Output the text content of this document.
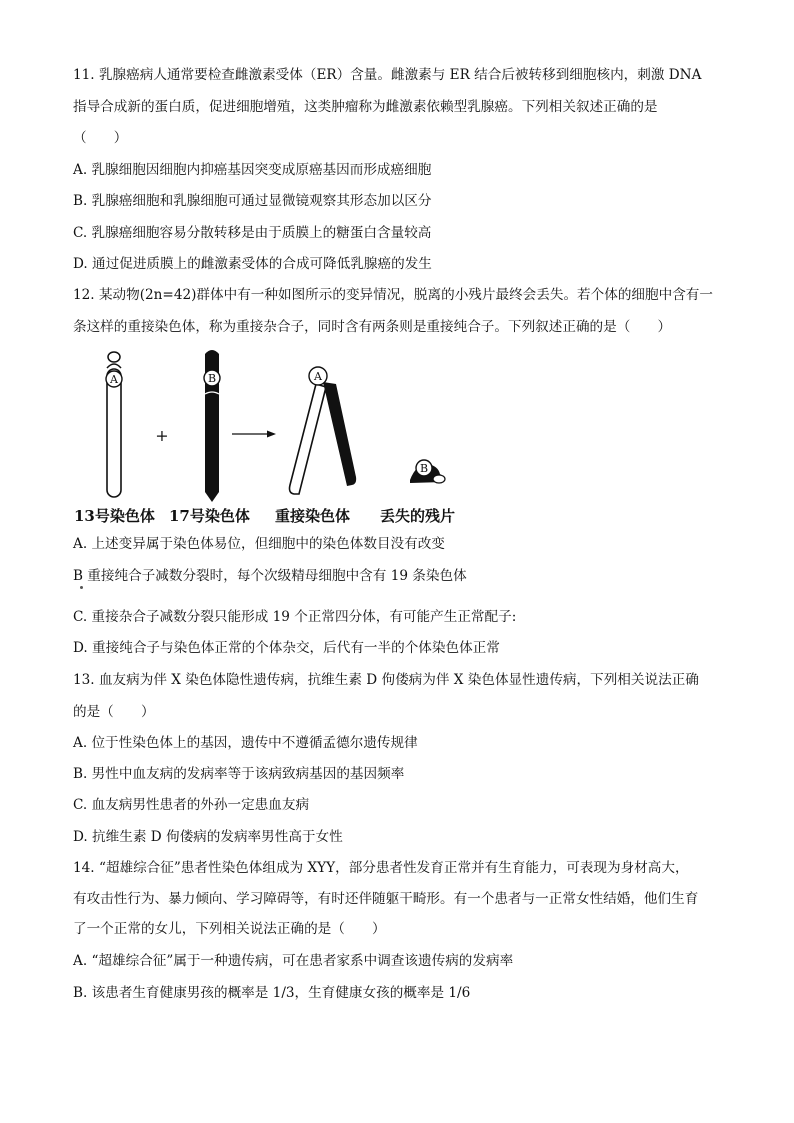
11. 乳腺癌病人通常要检查雌激素受体（ER）含量。雌激素与 ER 结合后被转移到细胞核内，刺激 DNA
指导合成新的蛋白质，促进细胞增殖，这类肿瘤称为雌激素依赖型乳腺癌。下列相关叙述正确的是
（　　）
A. 乳腺细胞因细胞内抑癌基因突变成原癌基因而形成癌细胞
B. 乳腺癌细胞和乳腺细胞可通过显微镜观察其形态加以区分
C. 乳腺癌细胞容易分散转移是由于质膜上的糖蛋白含量较高
D. 通过促进质膜上的雌激素受体的合成可降低乳腺癌的发生
12. 某动物(2n=42)群体中有一种如图所示的变异情况，脱离的小残片最终会丢失。若个体的细胞中含有一
条这样的重接染色体，称为重接杂合子，同时含有两条则是重接纯合子。下列叙述正确的是（　　）
A
+
B	A
B
13号染色体 17号染色体 重接染色体 丢失的残片
A. 上述变异属于染色体易位，但细胞中的染色体数目没有改变
B 重接纯合子减数分裂时，每个次级精母细胞中含有 19 条染色体
C. 重接杂合子减数分裂只能形成 19 个正常四分体，有可能产生正常配子:
D. 重接纯合子与染色体正常的个体杂交，后代有一半的个体染色体正常
13. 血友病为伴 X 染色体隐性遗传病，抗维生素 D 佝偻病为伴 X 染色体显性遗传病，下列相关说法正确
的是（　　）
A. 位于性染色体上的基因，遗传中不遵循孟德尔遗传规律
B. 男性中血友病的发病率等于该病致病基因的基因频率
C. 血友病男性患者的外孙一定患血友病
D. 抗维生素 D 佝偻病的发病率男性高于女性
14. “超雄综合征”患者性染色体组成为 XYY，部分患者性发育正常并有生育能力，可表现为身材高大，
有攻击性行为、暴力倾向、学习障碍等，有时还伴随躯干畸形。有一个患者与一正常女性结婚，他们生育
了一个正常的女儿，下列相关说法正确的是（　　）
A. “超雄综合征”属于一种遗传病，可在患者家系中调查该遗传病的发病率
B. 该患者生育健康男孩的概率是 1/3，生育健康女孩的概率是 1/6
